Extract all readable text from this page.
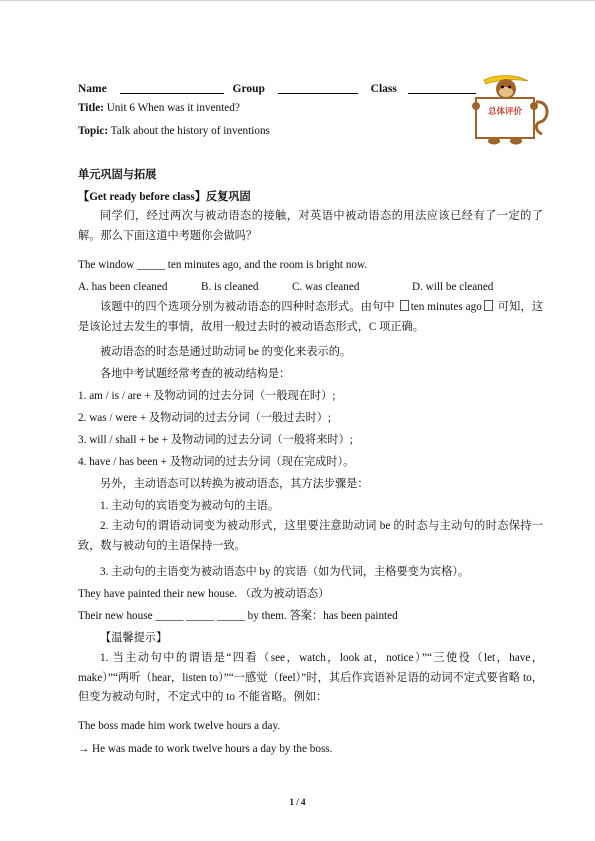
Name	Group	Class
Title: Unit 6 When was it invented?
Topic: Talk about the history of inventions
总体评价
单元巩固与拓展
【Get ready before class】反复巩固
同学们，经过两次与被动语态的接触，对英语中被动语态的用法应该已经有了一定的了解。那么下面这道中考题你会做吗？
The window _____ ten minutes ago, and the room is bright now.
A. has been cleaned	B. is cleaned	C. was cleaned	D. will be cleaned
该题中的四个选项分别为被动语态的四种时态形式。由句中 ten minutes ago 可知，这是该论过去发生的事情，故用一般过去时的被动语态形式，C 项正确。
被动语态的时态是通过助动词 be 的变化来表示的。
各地中考试题经常考查的被动结构是：
1. am / is / are + 及物动词的过去分词（一般现在时）;
2. was / were + 及物动词的过去分词（一般过去时）;
3. will / shall + be + 及物动词的过去分词（一般将来时）;
4. have / has been + 及物动词的过去分词（现在完成时）。
另外，主动语态可以转换为被动语态，其方法步骤是：
1. 主动句的宾语变为被动句的主语。
2. 主动句的谓语动词变为被动形式，这里要注意助动词 be 的时态与主动句的时态保持一致，数与被动句的主语保持一致。
3. 主动句的主语变为被动语态中 by 的宾语（如为代词，主格要变为宾格）。
They have painted their new house. （改为被动语态）
Their new house _____ _____ _____ by them. 答案：has been painted
【温馨提示】
1. 当主动句中的谓语是“四看（see，watch，look at，notice）”“三使役（let，have，make）”“两听（hear，listen to）”“一感觉（feel）”时，其后作宾语补足语的动词不定式要省略 to，但变为被动句时，不定式中的 to 不能省略。例如：
The boss made him work twelve hours a day.
→ He was made to work twelve hours a day by the boss.
1 / 4
